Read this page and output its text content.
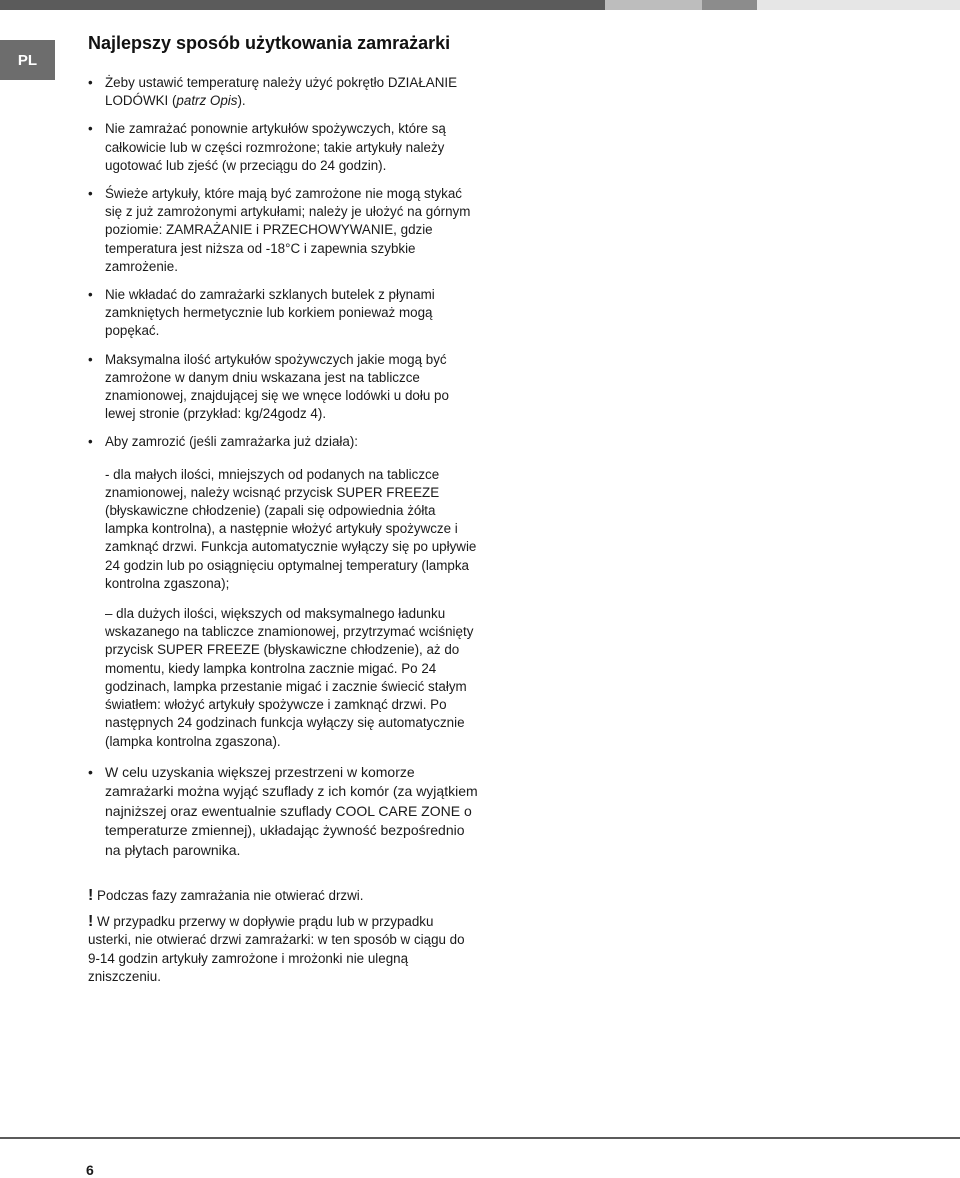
PL
Najlepszy sposób użytkowania zamrażarki
• Żeby ustawić temperaturę należy użyć pokrętło DZIAŁANIE LODÓWKI (patrz Opis).
• Nie zamrażać ponownie artykułów spożywczych, które są całkowicie lub w części rozmrożone; takie artykuły należy ugotować lub zjeść (w przeciągu do 24 godzin).
• Świeże artykuły, które mają być zamrożone nie mogą stykać się z już zamrożonymi artykułami; należy je ułożyć na górnym poziomie: ZAMRAŻANIE i PRZECHOWYWANIE, gdzie temperatura jest niższa od -18°C i zapewnia szybkie zamrożenie.
• Nie wkładać do zamrażarki szklanych butelek z płynami zamkniętych hermetycznie lub korkiem ponieważ mogą popękać.
• Maksymalna ilość artykułów spożywczych jakie mogą być zamrożone w danym dniu wskazana jest na tabliczce znamionowej, znajdującej się we wnęce lodówki u dołu po lewej stronie (przykład: kg/24godz 4).
• Aby zamrozić (jeśli zamrażarka już działa):

- dla małych ilości, mniejszych od podanych na tabliczce znamionowej, należy wcisnąć przycisk SUPER FREEZE (błyskawiczne chłodzenie) (zapali się odpowiednia żółta lampka kontrolna), a następnie włożyć artykuły spożywcze i zamknąć drzwi. Funkcja automatycznie wyłączy się po upływie 24 godzin lub po osiągnięciu optymalnej temperatury (lampka kontrolna zgaszona);

– dla dużych ilości, większych od maksymalnego ładunku wskazanego na tabliczce znamionowej, przytrzymać wciśnięty przycisk SUPER FREEZE (błyskawiczne chłodzenie), aż do momentu, kiedy lampka kontrolna zacznie migać. Po 24 godzinach, lampka przestanie migać i zacznie świecić stałym światłem: włożyć artykuły spożywcze i zamknąć drzwi. Po następnych 24 godzinach funkcja wyłączy się automatycznie (lampka kontrolna zgaszona).

• W celu uzyskania większej przestrzeni w komorze zamrażarki można wyjąć szuflady z ich komór (za wyjątkiem najniższej oraz ewentualnie szuflady COOL CARE ZONE o temperaturze zmiennej), układając żywność bezpośrednio na płytach parownika.

! Podczas fazy zamrażania nie otwierać drzwi.

! W przypadku przerwy w dopływie prądu lub w przypadku usterki, nie otwierać drzwi zamrażarki: w ten sposób w ciągu do 9-14 godzin artykuły zamrożone i mrożonki nie ulegną zniszczeniu.

6
